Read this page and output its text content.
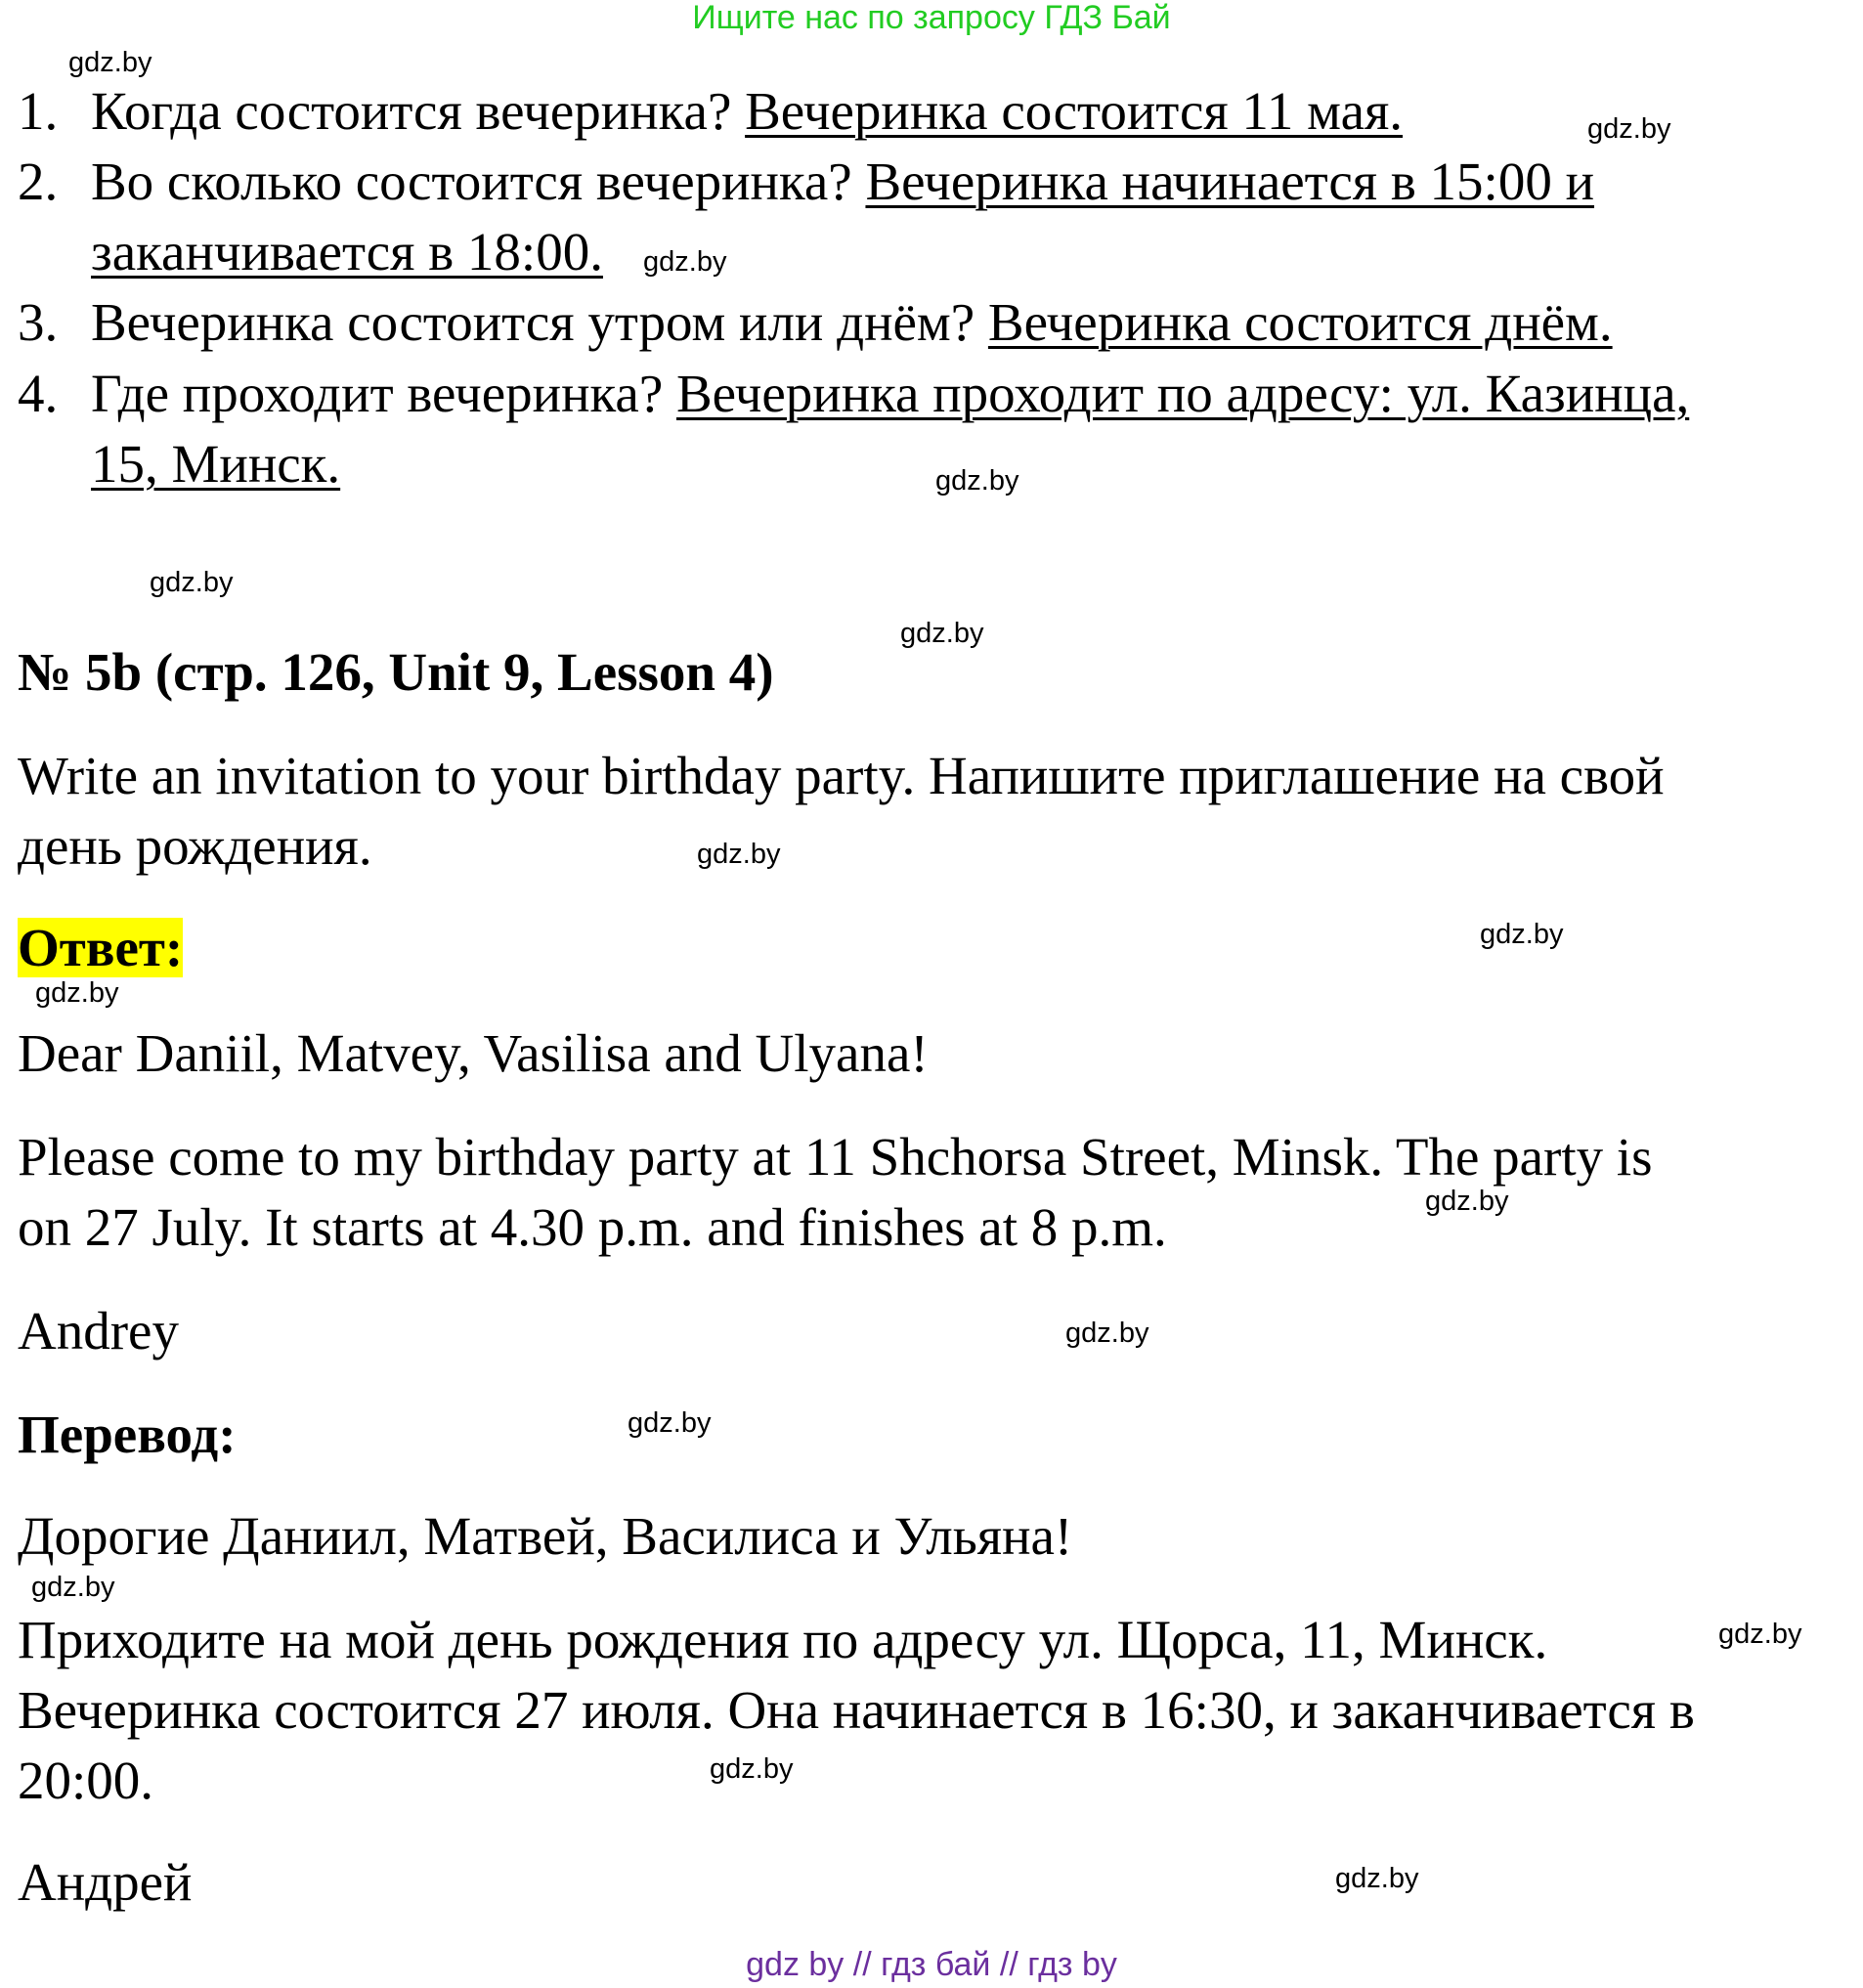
Ищите нас по запросу ГДЗ Бай
gdz.by
gdz.by
gdz.by
gdz.by
gdz.by
gdz.by
gdz.by
gdz.by
gdz.by
gdz.by
gdz.by
gdz.by
gdz.by
gdz.by
gdz.by
gdz.by
1. Когда состоится вечеринка? Вечеринка состоится 11 мая.
2. Во сколько состоится вечеринка? Вечеринка начинается в 15:00 и
заканчивается в 18:00.
3. Вечеринка состоится утром или днём? Вечеринка состоится днём.
4. Где проходит вечеринка? Вечеринка проходит по адресу: ул. Казинца,
15, Минск.
№ 5b (стр. 126, Unit 9, Lesson 4)
Write an invitation to your birthday party. Напишите приглашение на свой
день рождения.
Ответ:
Dear Daniil, Matvey, Vasilisa and Ulyana!
Please come to my birthday party at 11 Shchorsa Street, Minsk. The party is
on 27 July. It starts at 4.30 p.m. and finishes at 8 p.m.
Andrey
Перевод:
Дорогие Даниил, Матвей, Василиса и Ульяна!
Приходите на мой день рождения по адресу ул. Щорса, 11, Минск.
Вечеринка состоится 27 июля. Она начинается в 16:30, и заканчивается в
20:00.
Андрей
gdz by // гдз бай // гдз by
